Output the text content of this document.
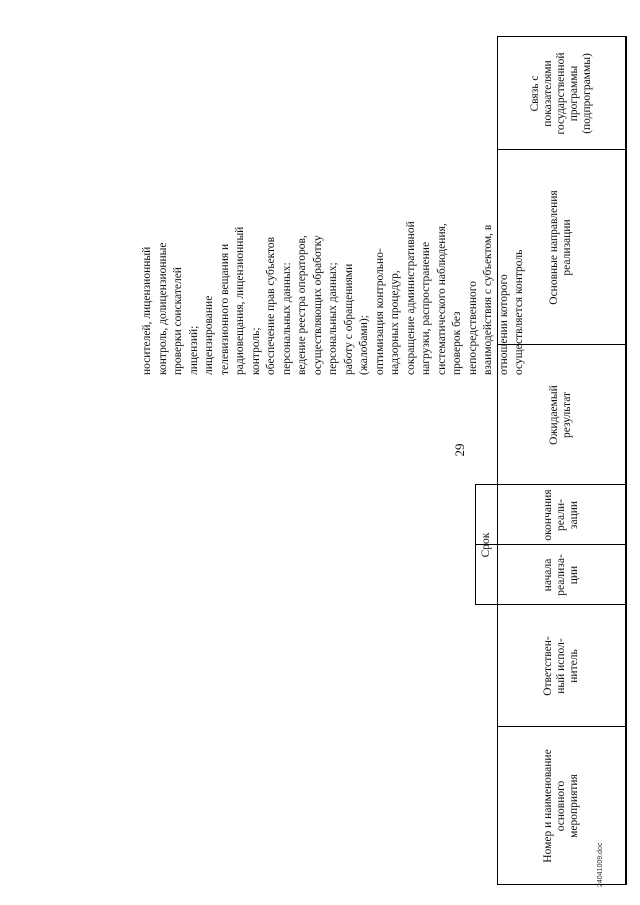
29
Номер и наименование
основного
мероприятия
Ответствен-
ный испол-
нитель
Срок
начала
реализа-
ции
окончания
реали-
зации
Ожидаемый
результат
Основные направления
реализации
Связь с
показателями
государственной
программы
(подпрограммы)
носителей, лицензионный
контроль, долицензионные
проверки соискателей
лицензий;
лицензирование
телевизионного вещания и
радиовещания, лицензионный
контроль;
обеспечение прав субъектов
персональных данных:
ведение реестра операторов,
осуществляющих обработку
персональных данных;
работу с обращениями
(жалобами);
оптимизация контрольно-
надзорных процедур,
сокращение административной
нагрузки, распространение
систематического наблюдения,
проверок без
непосредственного
взаимодействия с субъектом, в
отношении которого
осуществляется контроль
24041009.doc
